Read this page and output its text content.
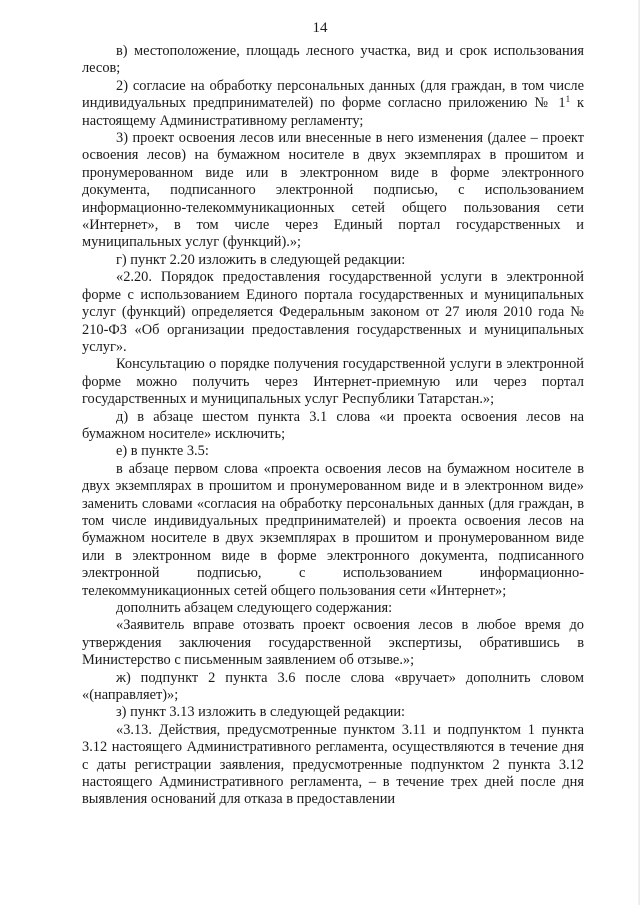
14

в) местоположение, площадь лесного участка, вид и срок использования лесов;

2) согласие на обработку персональных данных (для граждан, в том числе индивидуальных предпринимателей) по форме согласно приложению № $1^1$ к настоящему Административному регламенту;

3) проект освоения лесов или внесенные в него изменения (далее – проект освоения лесов) на бумажном носителе в двух экземплярах в прошитом и пронумерованном виде или в электронном виде в форме электронного документа, подписанного электронной подписью, с использованием информационно-телекоммуникационных сетей общего пользования сети «Интернет», в том числе через Единый портал государственных и муниципальных услуг (функций).»;

г) пункт 2.20 изложить в следующей редакции:

«2.20. Порядок предоставления государственной услуги в электронной форме с использованием Единого портала государственных и муниципальных услуг (функций) определяется Федеральным законом от 27 июля 2010 года № 210-ФЗ «Об организации предоставления государственных и муниципальных услуг».

Консультацию о порядке получения государственной услуги в электронной форме можно получить через Интернет-приемную или через портал государственных и муниципальных услуг Республики Татарстан.»;

д) в абзаце шестом пункта 3.1 слова «и проекта освоения лесов на бумажном носителе» исключить;

е) в пункте 3.5:

в абзаце первом слова «проекта освоения лесов на бумажном носителе в двух экземплярах в прошитом и пронумерованном виде и в электронном виде» заменить словами «согласия на обработку персональных данных (для граждан, в том числе индивидуальных предпринимателей) и проекта освоения лесов на бумажном носителе в двух экземплярах в прошитом и пронумерованном виде или в электронном виде в форме электронного документа, подписанного электронной подписью, с использованием информационно-телекоммуникационных сетей общего пользования сети «Интернет»;

дополнить абзацем следующего содержания:

«Заявитель вправе отозвать проект освоения лесов в любое время до утверждения заключения государственной экспертизы, обратившись в Министерство с письменным заявлением об отзыве.»;

ж) подпункт 2 пункта 3.6 после слова «вручает» дополнить словом «(направляет)»;

з) пункт 3.13 изложить в следующей редакции:

«3.13. Действия, предусмотренные пунктом 3.11 и подпунктом 1 пункта 3.12 настоящего Административного регламента, осуществляются в течение дня с даты регистрации заявления, предусмотренные подпунктом 2 пункта 3.12 настоящего Административного регламента, – в течение трех дней после дня выявления оснований для отказа в предоставлении
